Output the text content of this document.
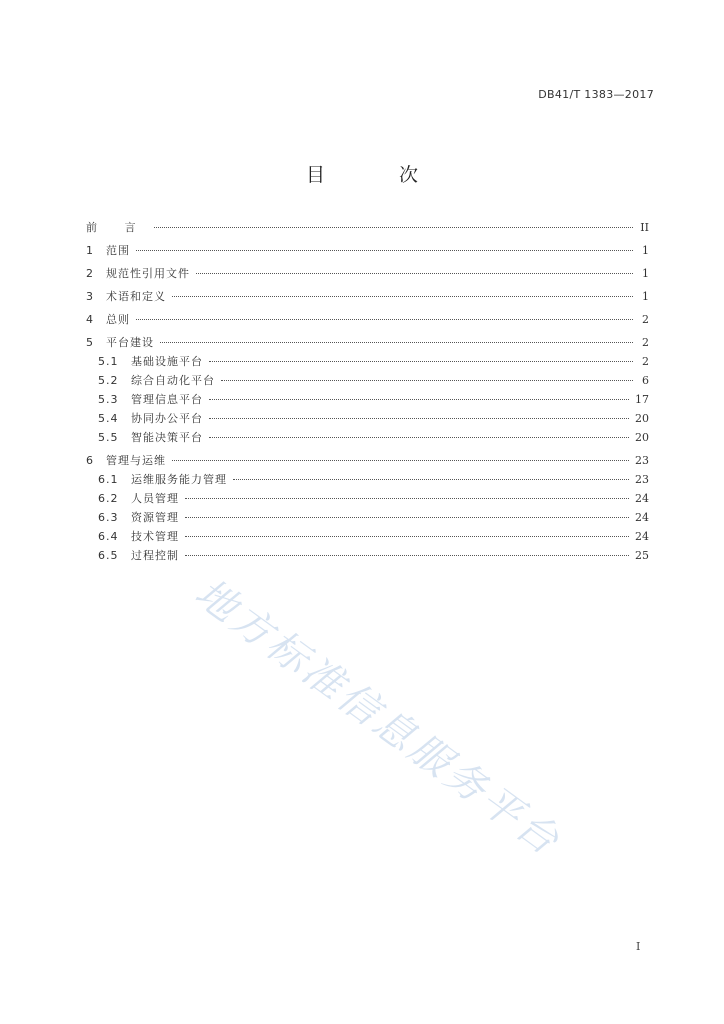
DB41/T 1383—2017
目 次
前 言	II
1	范围	1
2	规范性引用文件	1
3	术语和定义	1
4	总则	2
5	平台建设	2
5.1	基础设施平台	2
5.2	综合自动化平台	6
5.3	管理信息平台	17
5.4	协同办公平台	20
5.5	智能决策平台	20
6	管理与运维	23
6.1	运维服务能力管理	23
6.2	人员管理	24
6.3	资源管理	24
6.4	技术管理	24
6.5	过程控制	25
地方标准信息服务平台
I
